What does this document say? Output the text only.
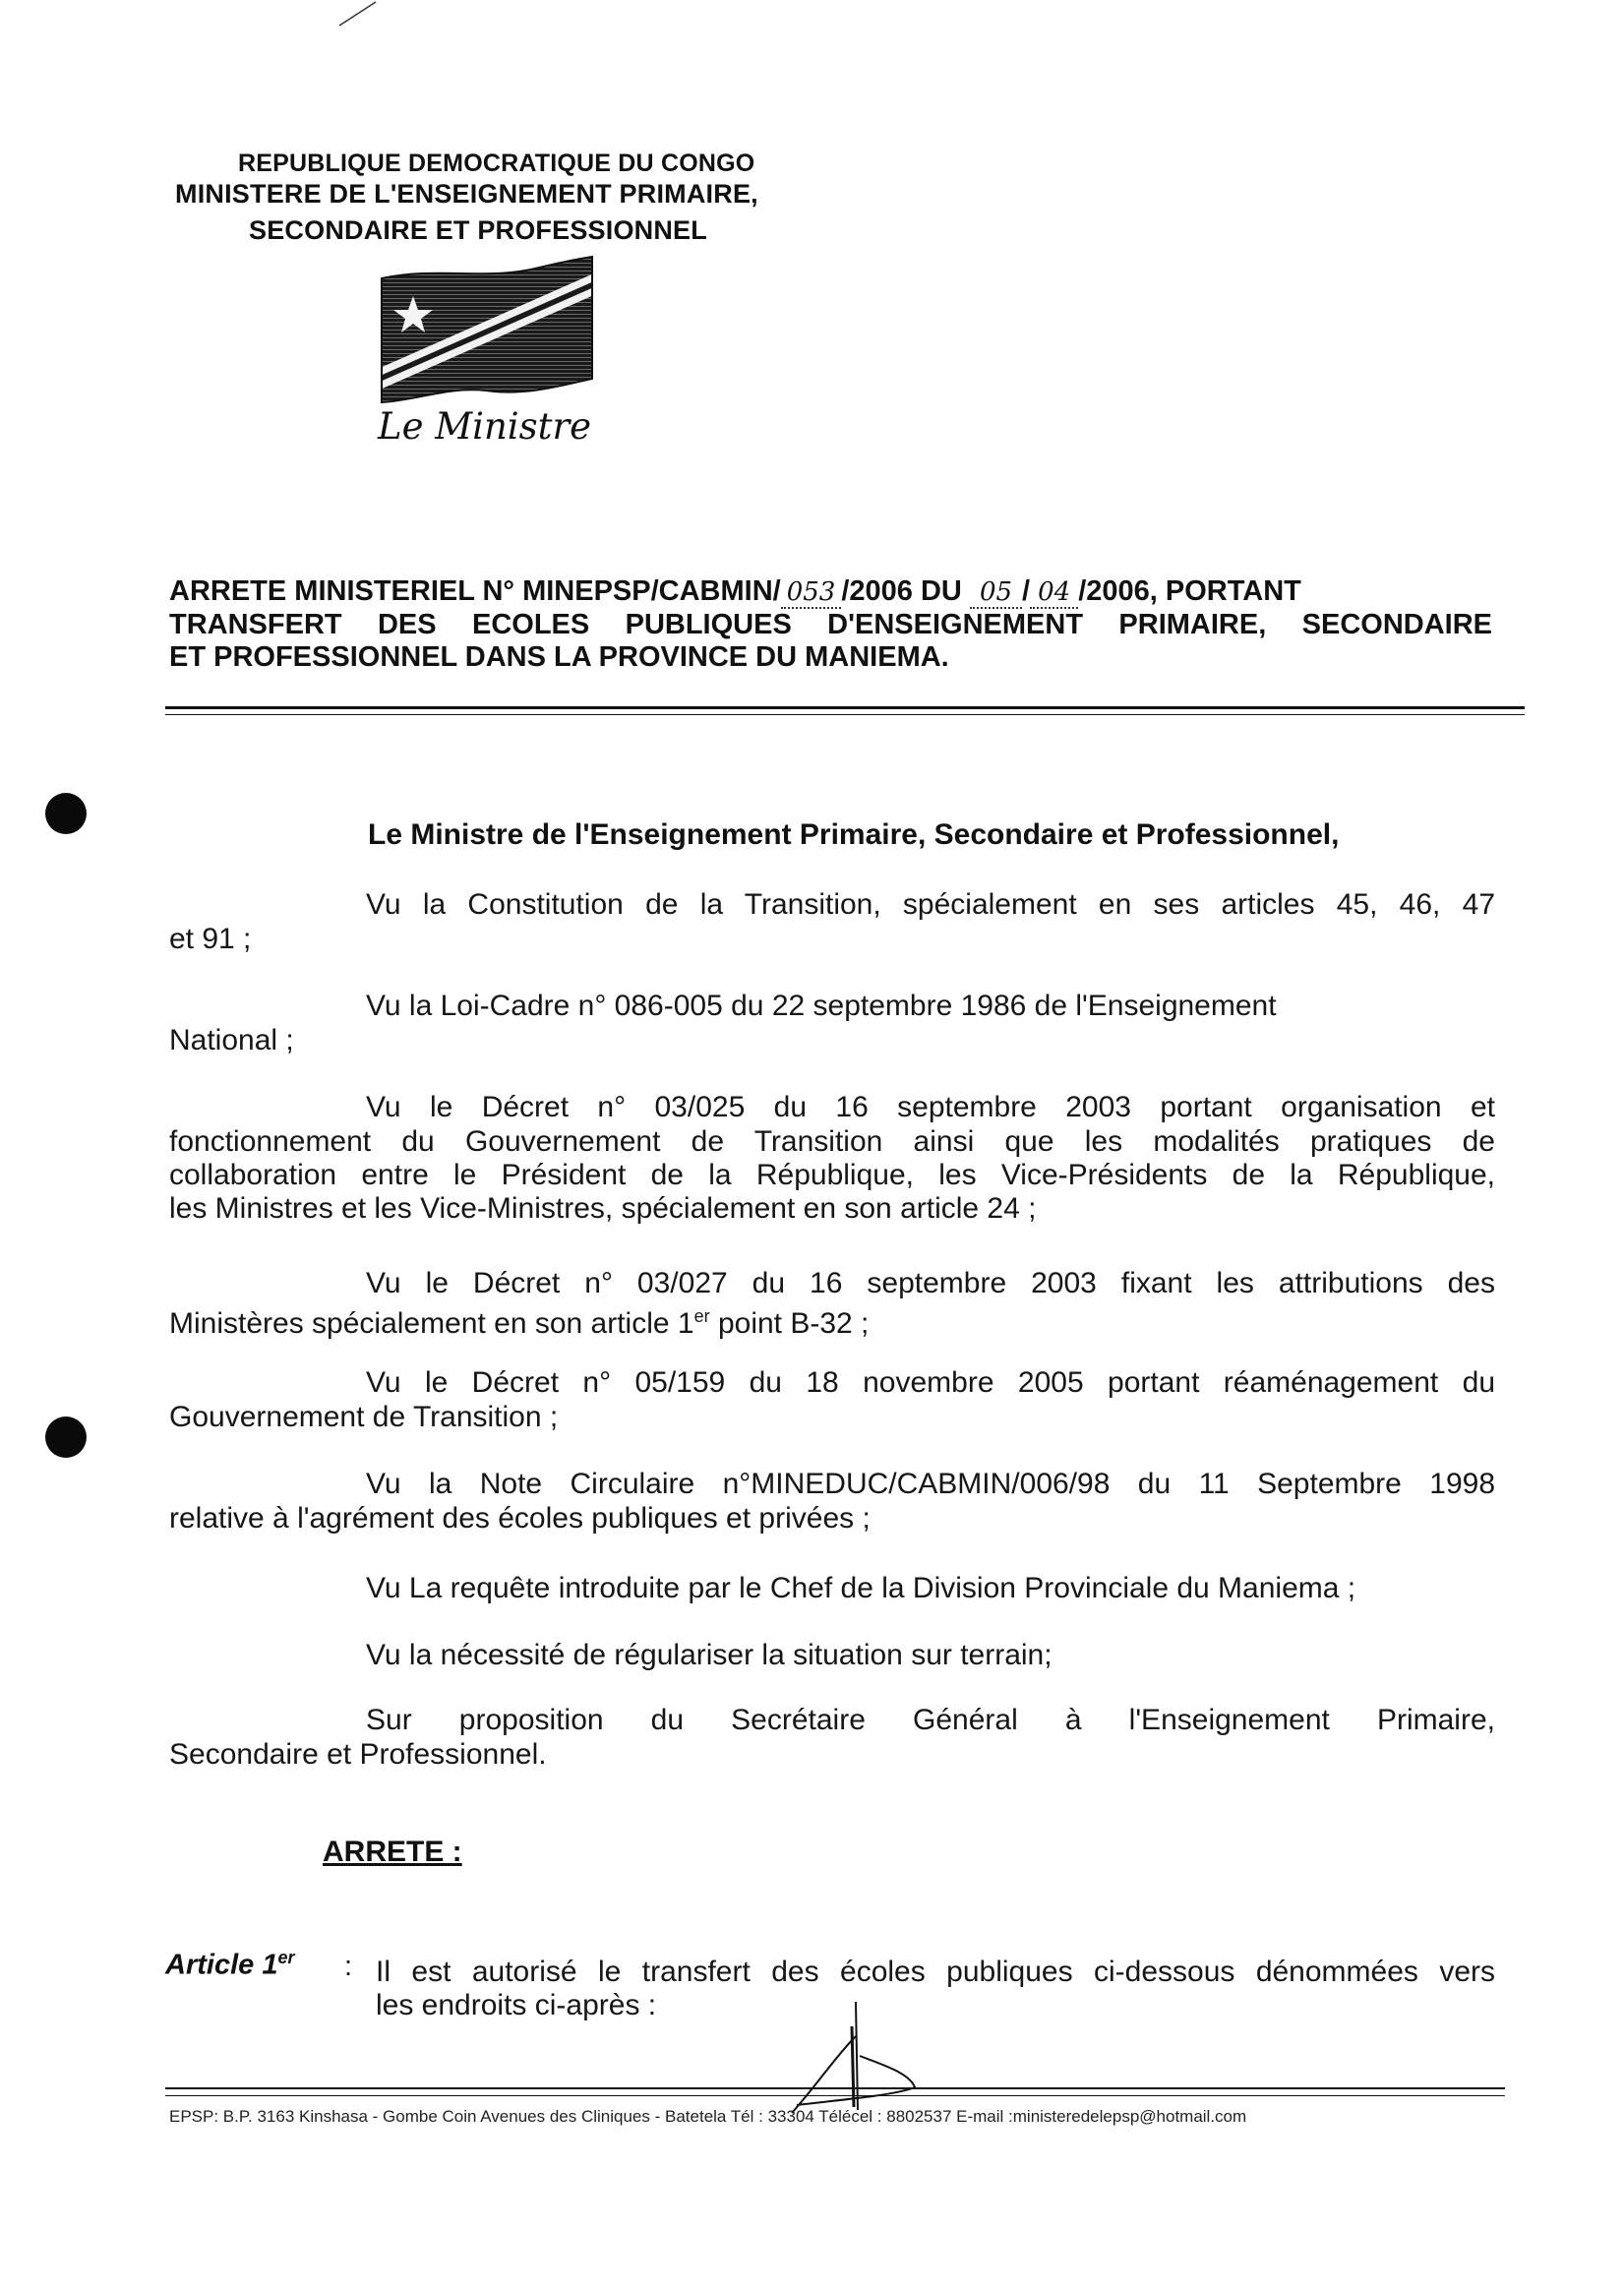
REPUBLIQUE DEMOCRATIQUE DU CONGO
MINISTERE DE L'ENSEIGNEMENT PRIMAIRE,
SECONDAIRE ET PROFESSIONNEL
Le Ministre
ARRETE MINISTERIEL N° MINEPSP/CABMIN/ 053 /2006 DU 05 / 04 /2006, PORTANT
TRANSFERT DES ECOLES PUBLIQUES D'ENSEIGNEMENT PRIMAIRE, SECONDAIRE
ET PROFESSIONNEL DANS LA PROVINCE DU MANIEMA.
Le Ministre de l'Enseignement Primaire, Secondaire et Professionnel,
Vu la Constitution de la Transition, spécialement en ses articles 45, 46, 47
et 91 ;
Vu la Loi-Cadre n° 086-005 du 22 septembre 1986 de l'Enseignement
National ;
Vu le Décret n° 03/025 du 16 septembre 2003 portant organisation et
fonctionnement du Gouvernement de Transition ainsi que les modalités pratiques de
collaboration entre le Président de la République, les Vice-Présidents de la République,
les Ministres et les Vice-Ministres, spécialement en son article 24 ;
Vu le Décret n° 03/027 du 16 septembre 2003 fixant les attributions des
Ministères spécialement en son article 1er point B-32 ;
Vu le Décret n° 05/159 du 18 novembre 2005 portant réaménagement du
Gouvernement de Transition ;
Vu la Note Circulaire n°MINEDUC/CABMIN/006/98 du 11 Septembre 1998
relative à l'agrément des écoles publiques et privées ;
Vu La requête introduite par le Chef de la Division Provinciale du Maniema ;
Vu la nécessité de régulariser la situation sur terrain;
Sur proposition du Secrétaire Général à l'Enseignement Primaire,
Secondaire et Professionnel.
ARRETE :
Article 1er : Il est autorisé le transfert des écoles publiques ci-dessous dénommées vers
les endroits ci-après :
EPSP: B.P. 3163 Kinshasa - Gombe Coin Avenues des Cliniques - Batetela Tél : 33304 Télécel : 8802537 E-mail :ministeredelepsp@hotmail.com
